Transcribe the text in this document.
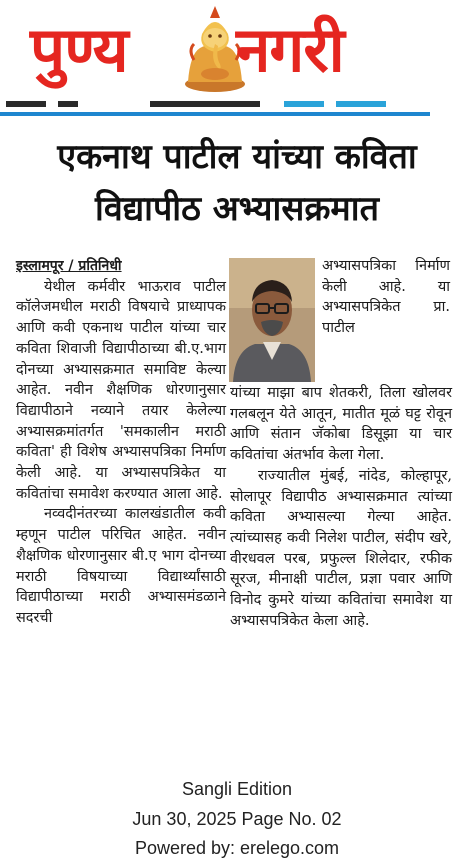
पुण्य नगरी
एकनाथ पाटील यांच्या कविता
विद्यापीठ अभ्यासक्रमात

इस्लामपूर / प्रतिनिधी

येथील कर्मवीर भाऊराव पाटील कॉलेजमधील मराठी विषयाचे प्राध्यापक आणि कवी एकनाथ पाटील यांच्या चार कविता शिवाजी विद्यापीठाच्या बी.ए.भाग दोनच्या अभ्यासक्रमात समाविष्ट केल्या आहेत. नवीन शैक्षणिक धोरणानुसार विद्यापीठाने नव्याने तयार केलेल्या अभ्यासक्रमांतर्गत 'समकालीन मराठी कविता' ही विशेष अभ्यासपत्रिका निर्माण केली आहे. या अभ्यासपत्रिकेत या कवितांचा समावेश करण्यात आला आहे.

नव्वदीनंतरच्या कालखंडातील कवी म्हणून पाटील परिचित आहेत. नवीन शैक्षणिक धोरणानुसार बी.ए भाग दोनच्या मराठी विषयाच्या विद्यार्थ्यांसाठी विद्यापीठाच्या मराठी अभ्यासमंडळाने सदरची

अभ्यासपत्रिका निर्माण केली आहे. या अभ्यासपत्रिकेत प्रा. पाटील

यांच्या माझा बाप शेतकरी, तिला खोलवर गलबलून येते आतून, मातीत मूळं घट्ट रोवून आणि संतान जॅकोबा डिसूझा या चार कवितांचा अंतर्भाव केला गेला.

राज्यातील मुंबई, नांदेड, कोल्हापूर, सोलापूर विद्यापीठ अभ्यासक्रमात त्यांच्या कविता अभ्यासल्या गेल्या आहेत. त्यांच्यासह कवी निलेश पाटील, संदीप खरे, वीरधवल परब, प्रफुल्ल शिलेदार, रफीक सूरज, मीनाक्षी पाटील, प्रज्ञा पवार आणि विनोद कुमरे यांच्या कवितांचा समावेश या अभ्यासपत्रिकेत केला आहे.

Sangli Edition
Jun 30, 2025 Page No. 02
Powered by: erelego.com
